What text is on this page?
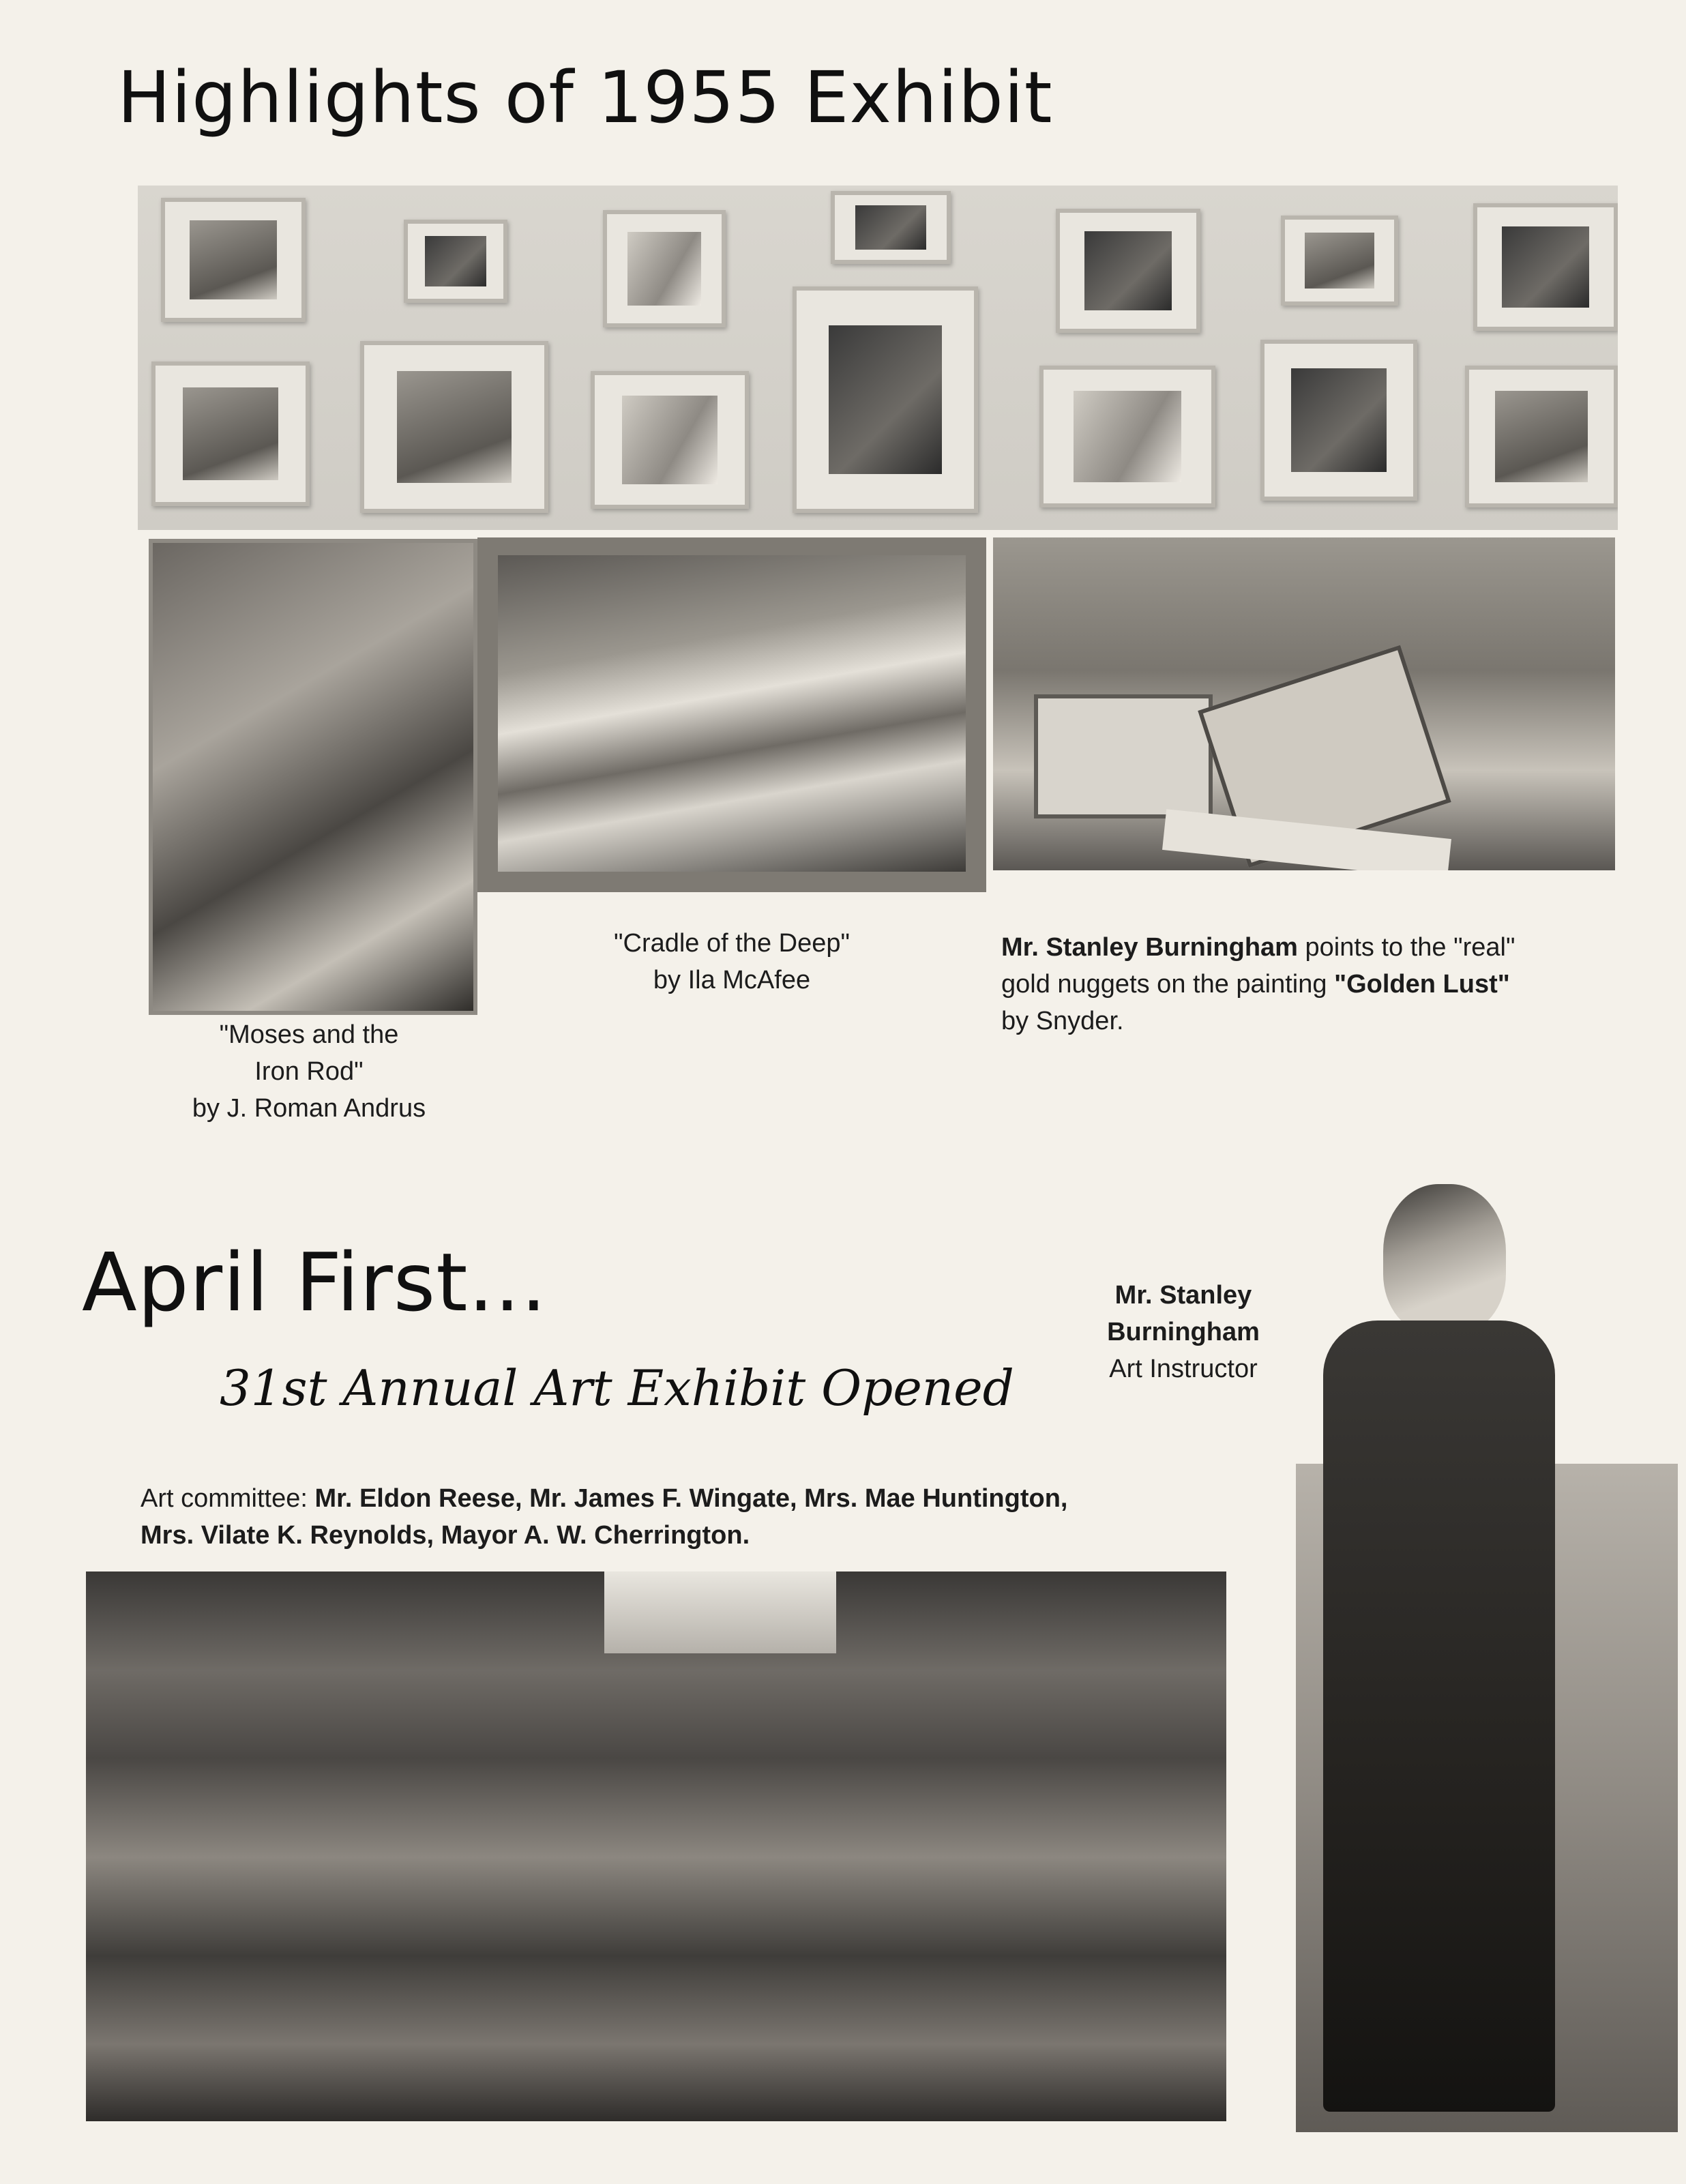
Highlights of 1955 Exhibit
"Moses and the
Iron Rod"
by J. Roman Andrus
"Cradle of the Deep"
by Ila McAfee
Mr. Stanley Burningham points to the "real"
gold nuggets on the painting "Golden Lust"
by Snyder.
April First...
31st Annual Art Exhibit Opened
Mr. Stanley
Burningham
Art Instructor
Art committee: Mr. Eldon Reese, Mr. James F. Wingate, Mrs. Mae Huntington,
Mrs. Vilate K. Reynolds, Mayor A. W. Cherrington.
